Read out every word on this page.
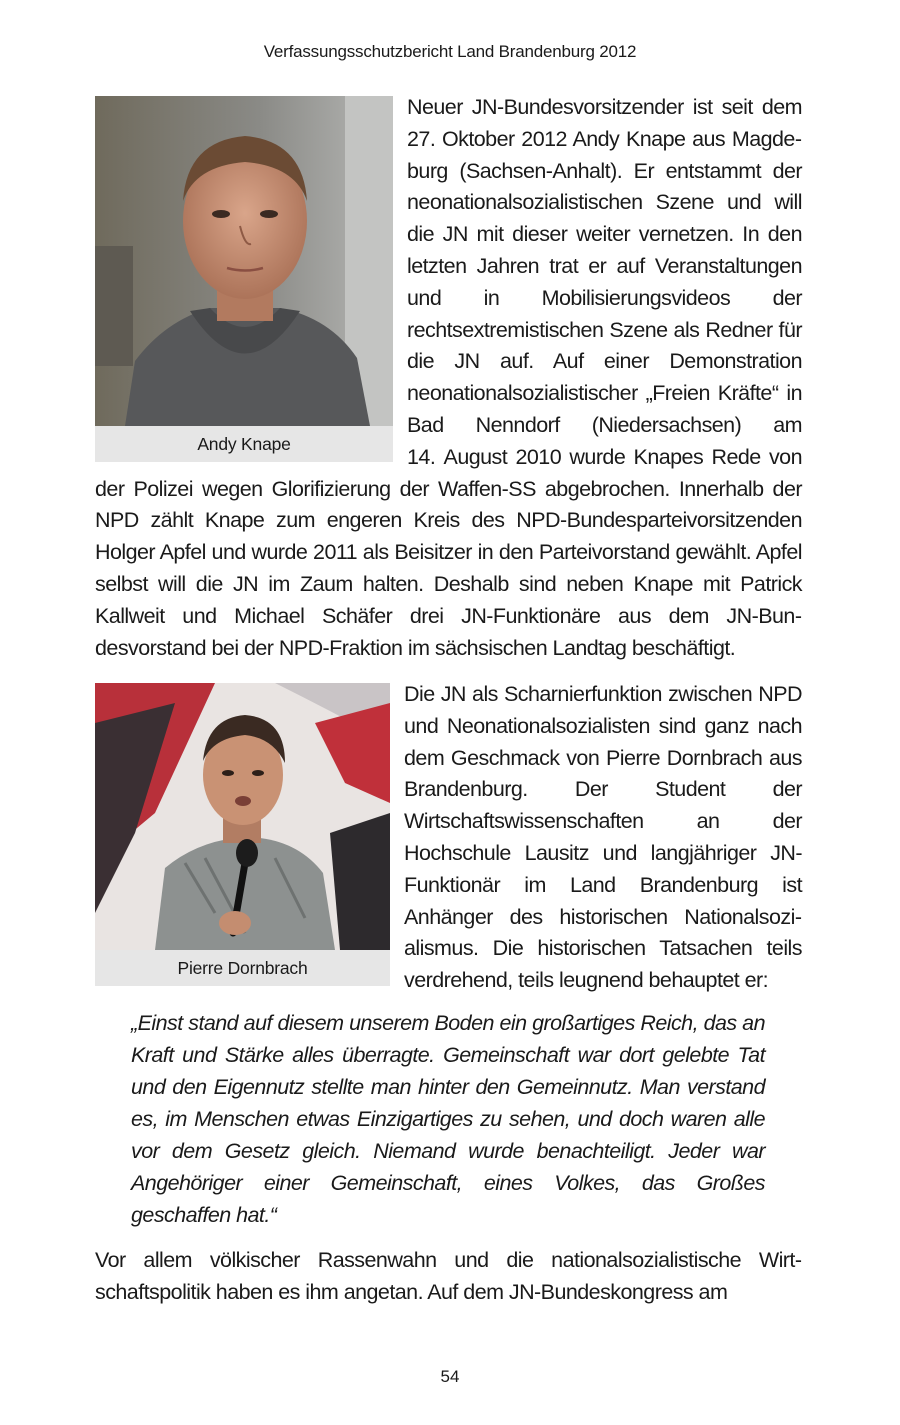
Verfassungsschutzbericht Land Brandenburg 2012
Andy Knape

Neuer JN-Bundesvorsitzender ist seit dem 27. Oktober 2012 Andy Knape aus Magdeburg (Sachsen-Anhalt). Er entstammt der neonationalsozialistischen Szene und will die JN mit dieser weiter vernetzen. In den letzten Jahren trat er auf Veranstaltungen und in Mobilisierungsvideos der rechtsextremistischen Szene als Redner für die JN auf. Auf einer Demonstration neonationalsozialistischer „Freien Kräfte“ in Bad Nenndorf (Niedersachsen) am 14. August 2010 wurde Knapes Rede von der Polizei wegen Glorifizierung der Waffen-SS abgebrochen. Innerhalb der NPD zählt Knape zum engeren Kreis des NPD-Bundesparteivorsitzenden Holger Apfel und wurde 2011 als Beisitzer in den Parteivorstand gewählt. Apfel selbst will die JN im Zaum halten. Deshalb sind neben Knape mit Patrick Kallweit und Michael Schäfer drei JN-Funktionäre aus dem JN-Bundesvorstand bei der NPD-Fraktion im sächsischen Landtag beschäftigt.

Pierre Dornbrach

Die JN als Scharnierfunktion zwischen NPD und Neonationalsozialisten sind ganz nach dem Geschmack von Pierre Dornbrach aus Brandenburg. Der Student der Wirtschaftswissenschaften an der Hochschule Lausitz und langjähriger JN-Funktionär im Land Brandenburg ist Anhänger des historischen Nationalsozialismus. Die historischen Tatsachen teils verdrehend, teils leugnend behauptet er:

„Einst stand auf diesem unserem Boden ein großartiges Reich, das an Kraft und Stärke alles überragte. Gemeinschaft war dort gelebte Tat und den Eigennutz stellte man hinter den Gemeinnutz. Man verstand es, im Menschen etwas Einzigartiges zu sehen, und doch waren alle vor dem Gesetz gleich. Niemand wurde benachteiligt. Jeder war Angehöriger einer Gemeinschaft, eines Volkes, das Großes geschaffen hat.“

Vor allem völkischer Rassenwahn und die nationalsozialistische Wirtschaftspolitik haben es ihm angetan. Auf dem JN-Bundeskongress am

54
